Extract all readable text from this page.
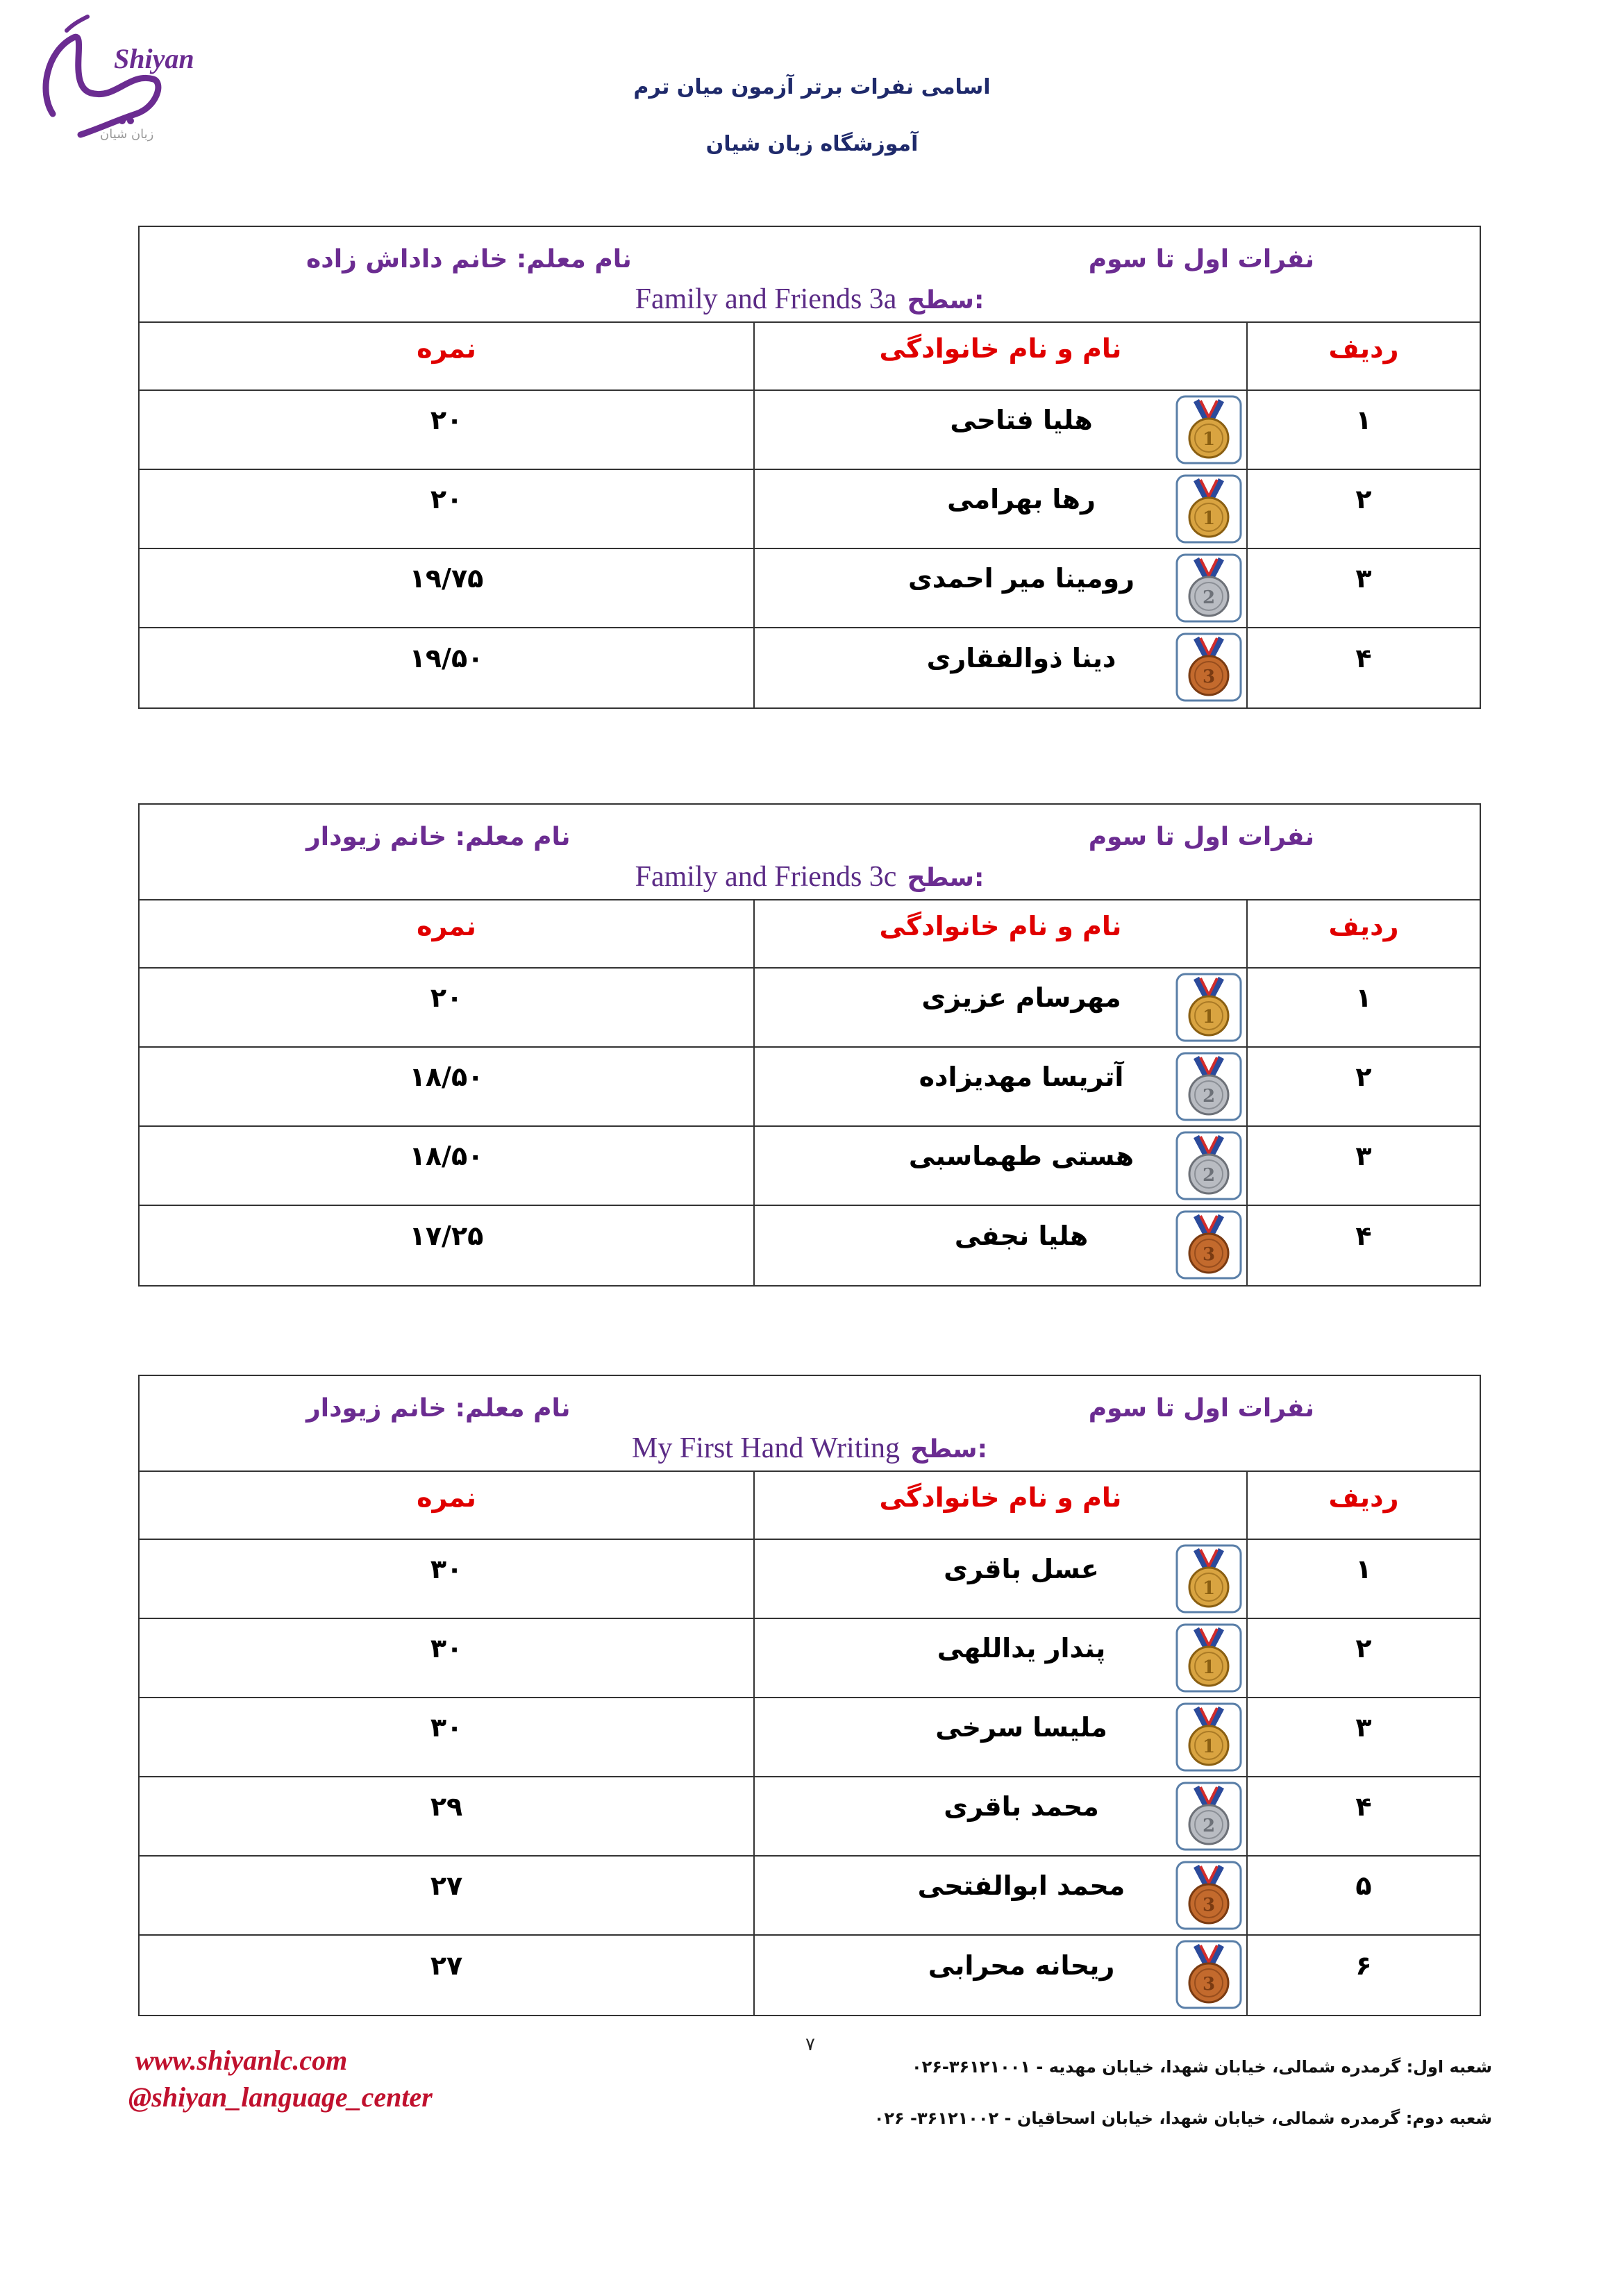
Shiyan
زبان شیان
اسامی نفرات برتر آزمون میان ترم
آموزشگاه زبان شیان
نفرات اول تا سوم
نام معلم: خانم داداش زاده
Family and Friends 3a سطح:
ردیف
نام و نام خانوادگی
نمره
۱
1
هلیا فتاحی
۲۰
۲
1
رها بهرامی
۲۰
۳
2
رومینا میر احمدی
۱۹/۷۵
۴
3
دینا ذوالفقاری
۱۹/۵۰
نفرات اول تا سوم
نام معلم: خانم زیودار
Family and Friends 3c سطح:
ردیف
نام و نام خانوادگی
نمره
۱
1
مهرسام عزیزی
۲۰
۲
2
آتریسا مهدیزاده
۱۸/۵۰
۳
2
هستی طهماسبی
۱۸/۵۰
۴
3
هلیا نجفی
۱۷/۲۵
نفرات اول تا سوم
نام معلم: خانم زیودار
My First Hand Writing سطح:
ردیف
نام و نام خانوادگی
نمره
۱
1
عسل باقری
۳۰
۲
1
پندار یداللهی
۳۰
۳
1
ملیسا سرخی
۳۰
۴
2
محمد باقری
۲۹
۵
3
محمد ابوالفتحی
۲۷
۶
3
ریحانه محرابی
۲۷
۷
www.shiyanlc.com
@shiyan_language_center
شعبه اول: گرمدره شمالی، خیابان شهدا، خیابان مهدیه - ۳۶۱۲۱۰۰۱-۰۲۶
شعبه دوم: گرمدره شمالی، خیابان شهدا، خیابان اسحاقیان - ۳۶۱۲۱۰۰۲- ۰۲۶
